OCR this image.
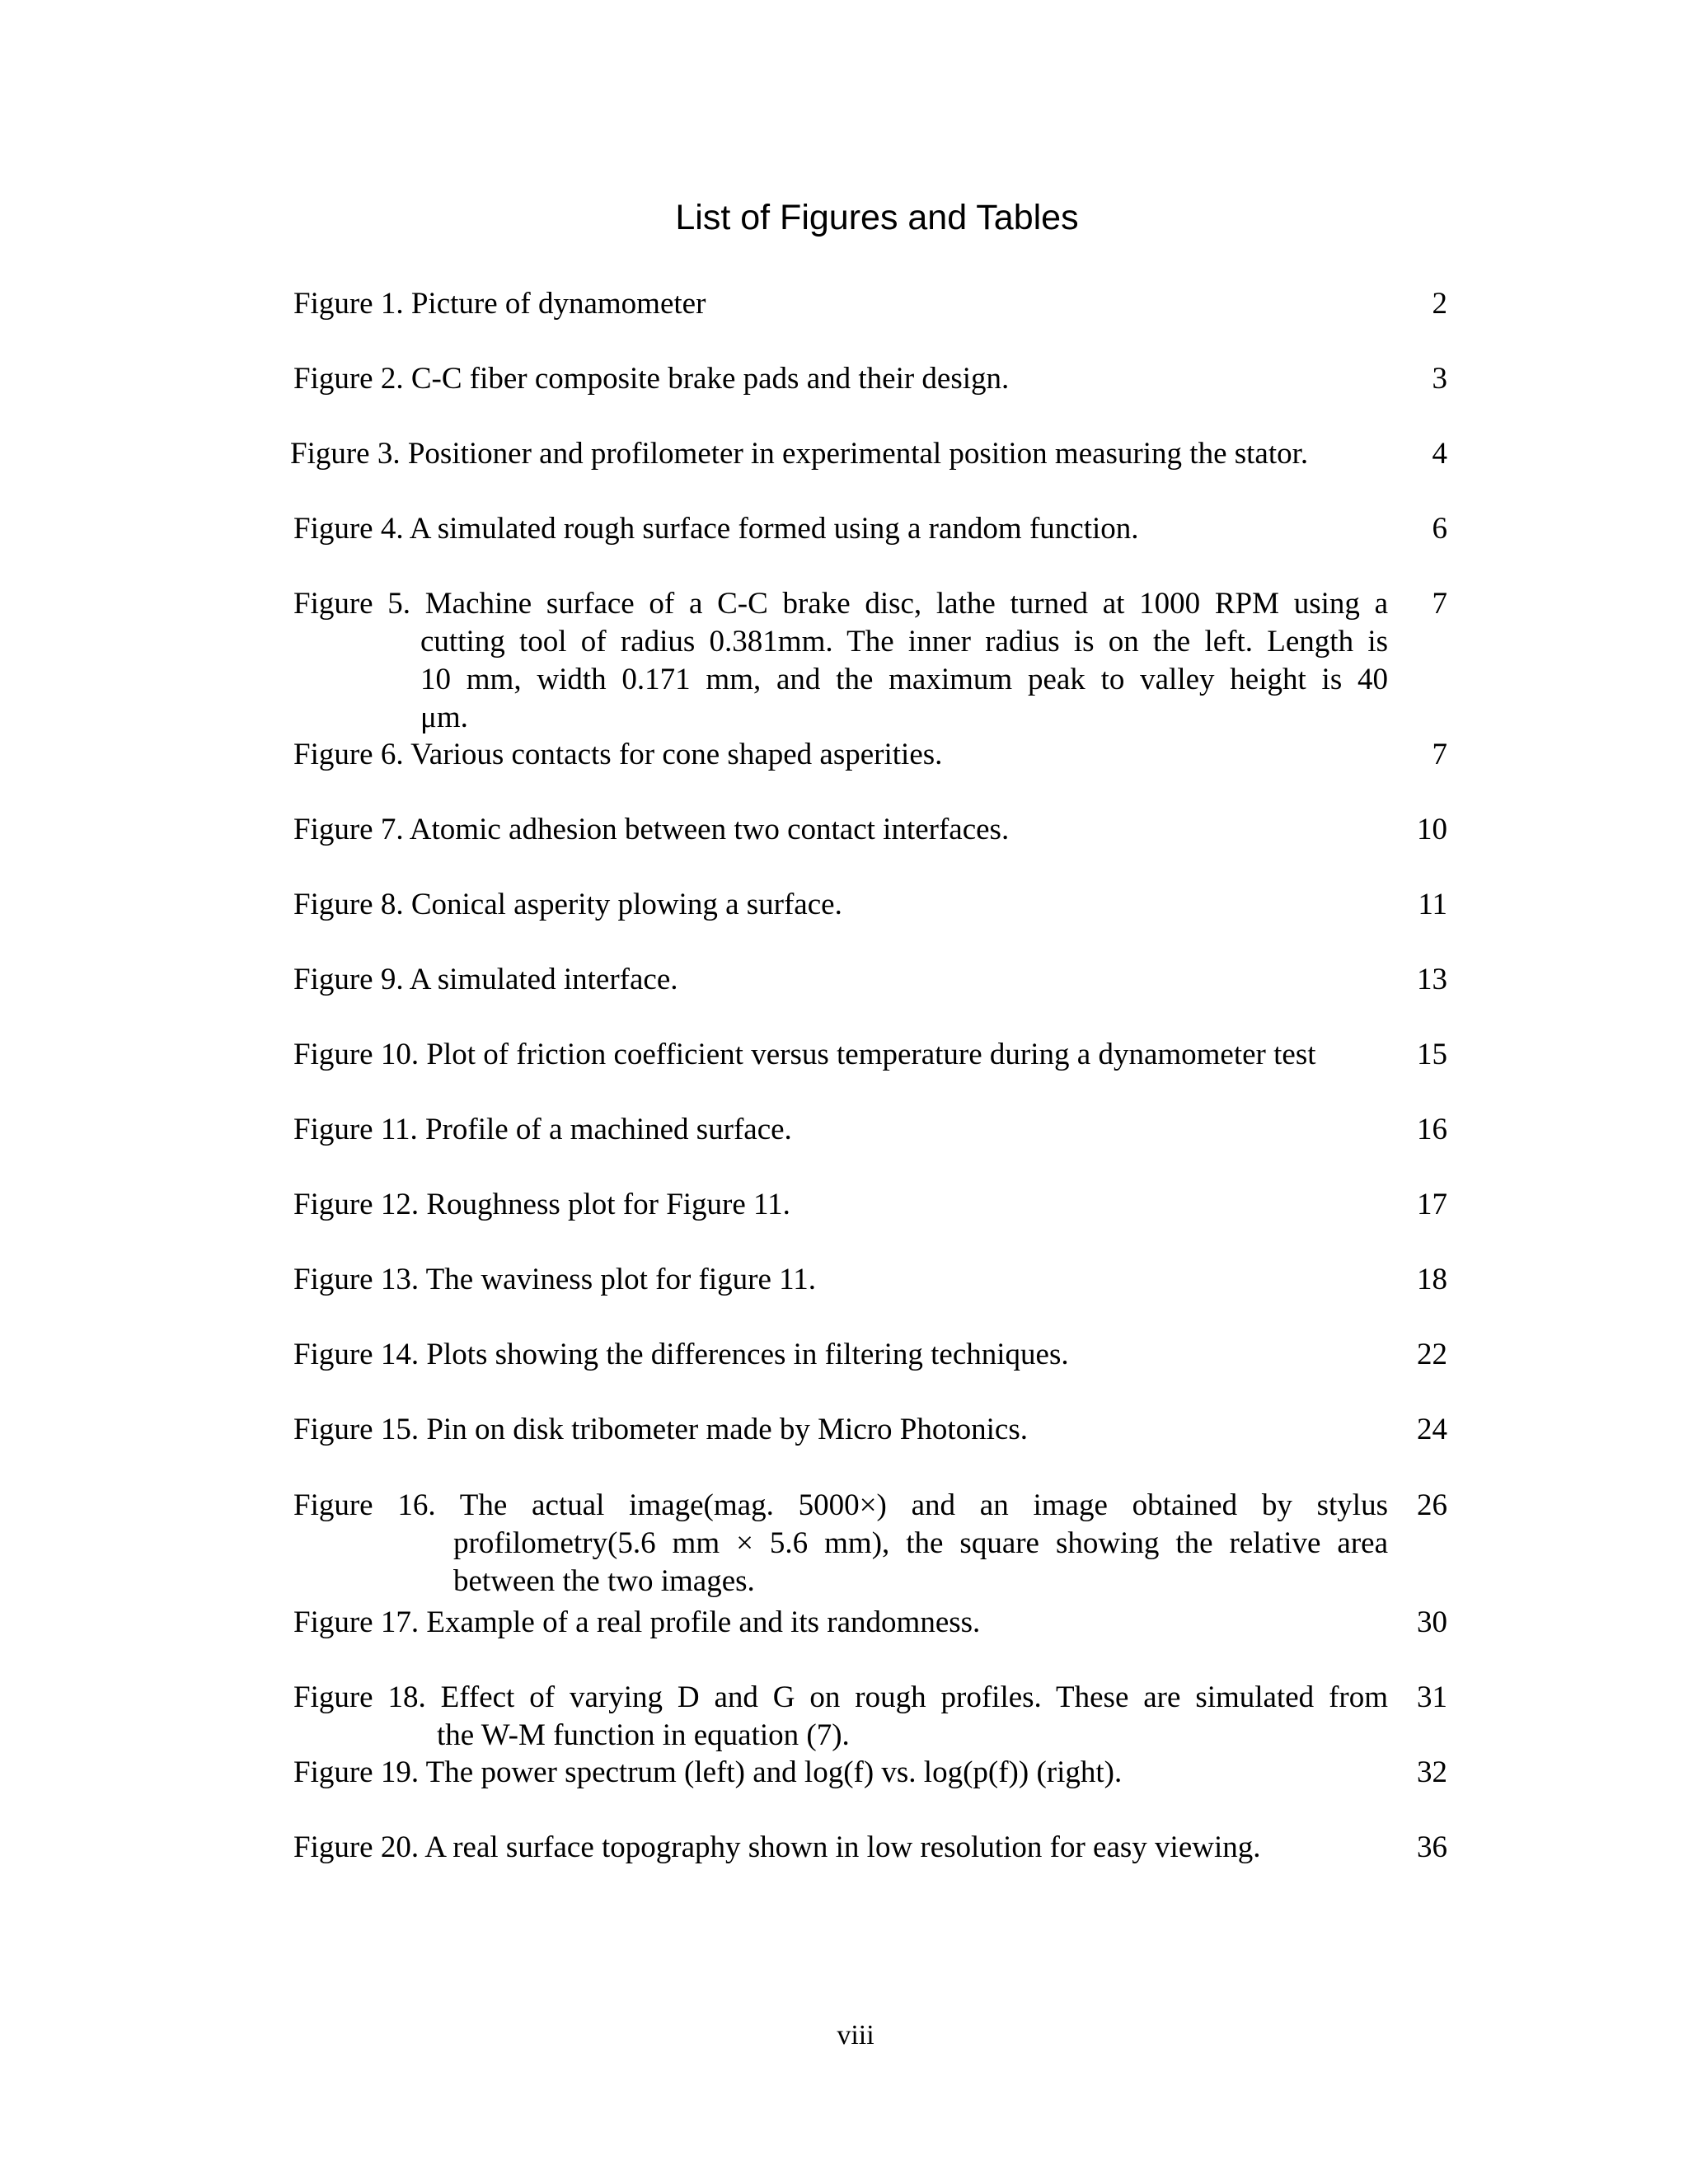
List of Figures and Tables
Figure 1. Picture of dynamometer	2
Figure 2. C-C fiber composite brake pads and their design.	3
Figure 3. Positioner and profilometer in experimental position measuring the stator.	4
Figure 4. A simulated rough surface formed using a random function.	6
Figure 5. Machine surface of a C-C brake disc, lathe turned at 1000 RPM using a
cutting tool of radius 0.381mm. The inner radius is on the left. Length is
10 mm, width 0.171 mm, and the maximum peak to valley height is 40
μm.
7
Figure 6. Various contacts for cone shaped asperities.	7
Figure 7. Atomic adhesion between two contact interfaces.	10
Figure 8. Conical asperity plowing a surface.	11
Figure 9. A simulated interface.	13
Figure 10. Plot of friction coefficient versus temperature during a dynamometer test	15
Figure 11. Profile of a machined surface.	16
Figure 12. Roughness plot for Figure 11.	17
Figure 13. The waviness plot for figure 11.	18
Figure 14. Plots showing the differences in filtering techniques.	22
Figure 15. Pin on disk tribometer made by Micro Photonics.	24
Figure 16. The actual image(mag. 5000×) and an image obtained by stylus
profilometry(5.6 mm × 5.6 mm), the square showing the relative area
between the two images.
26
Figure 17. Example of a real profile and its randomness.	30
Figure 18. Effect of varying D and G on rough profiles. These are simulated from
the W-M function in equation (7).
31
Figure 19. The power spectrum (left) and log(f) vs. log(p(f)) (right).	32
Figure 20. A real surface topography shown in low resolution for easy viewing.	36
viii
